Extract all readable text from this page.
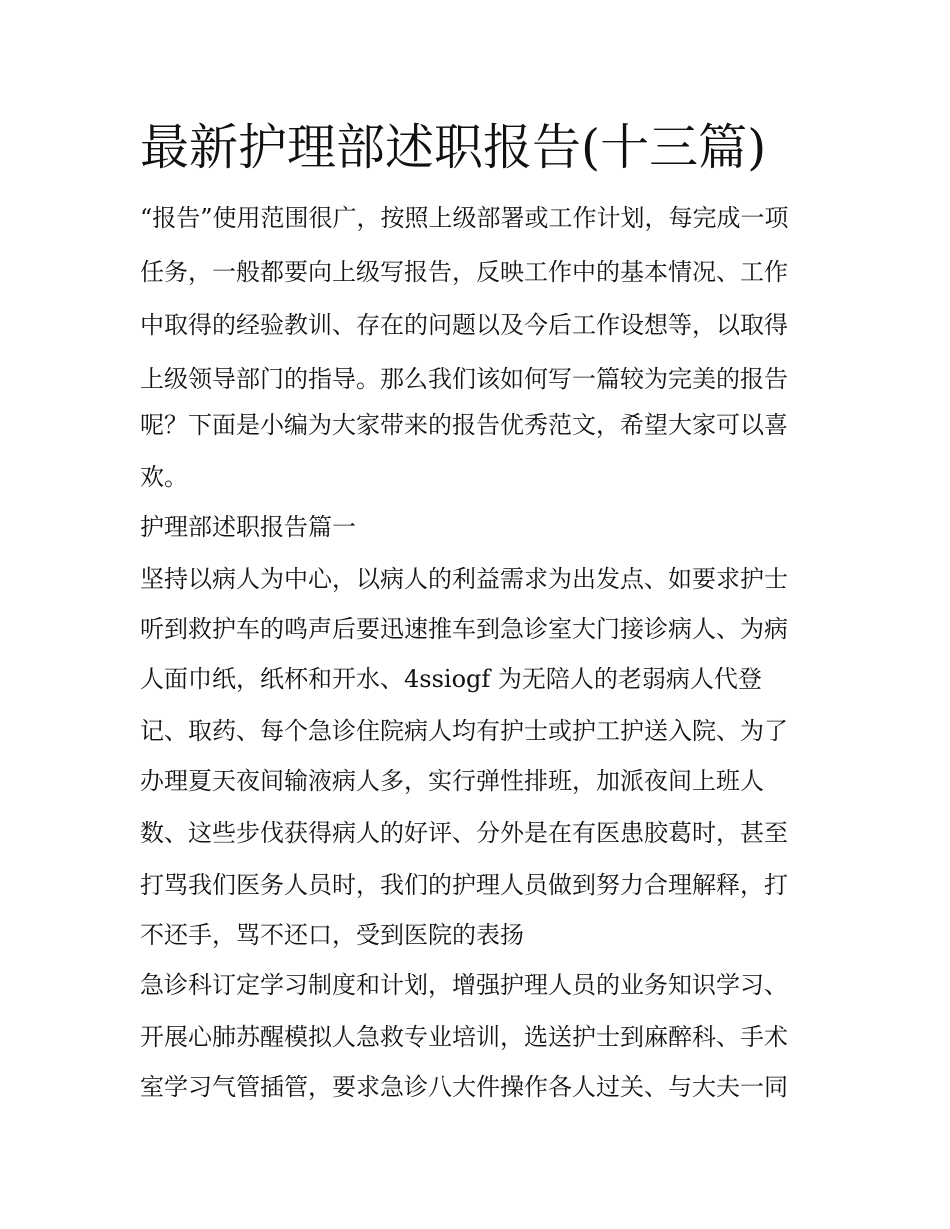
最新护理部述职报告(十三篇)

“报告”使用范围很广，按照上级部署或工作计划，每完成一项

任务，一般都要向上级写报告，反映工作中的基本情况、工作

中取得的经验教训、存在的问题以及今后工作设想等，以取得

上级领导部门的指导。那么我们该如何写一篇较为完美的报告

呢？下面是小编为大家带来的报告优秀范文，希望大家可以喜

欢。

护理部述职报告篇一

坚持以病人为中心，以病人的利益需求为出发点、如要求护士

听到救护车的鸣声后要迅速推车到急诊室大门接诊病人、为病

人面巾纸，纸杯和开水、4ssiogf 为无陪人的老弱病人代登

记、取药、每个急诊住院病人均有护士或护工护送入院、为了

办理夏天夜间输液病人多，实行弹性排班，加派夜间上班人

数、这些步伐获得病人的好评、分外是在有医患胶葛时，甚至

打骂我们医务人员时，我们的护理人员做到努力合理解释，打

不还手，骂不还口，受到医院的表扬

急诊科订定学习制度和计划，增强护理人员的业务知识学习、

开展心肺苏醒模拟人急救专业培训，选送护士到麻醉科、手术

室学习气管插管，要求急诊八大件操作各人过关、与大夫一同
